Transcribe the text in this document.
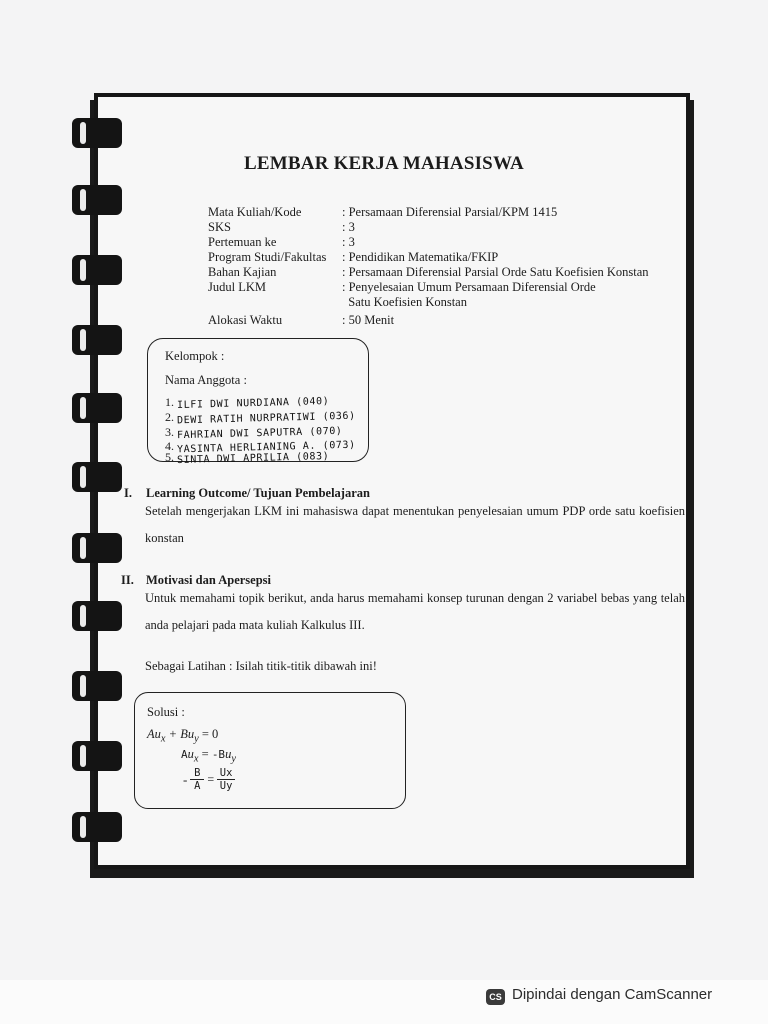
LEMBAR KERJA MAHASISWA
Mata Kuliah/Kode	: Persamaan Diferensial Parsial/KPM 1415
SKS	: 3
Pertemuan ke	: 3
Program Studi/Fakultas	: Pendidikan Matematika/FKIP
Bahan Kajian	: Persamaan Diferensial Parsial Orde Satu Koefisien Konstan
Judul LKM	: Penyelesaian Umum Persamaan Diferensial Orde
Satu Koefisien Konstan
Alokasi Waktu	: 50 Menit
Kelompok :
Nama Anggota :
1. ILFI DWI NURDIANA (040)
2. DEWI RATIH NURPRATIWI (036)
3. FAHRIAN DWI SAPUTRA (070)
4. YASINTA HERLIANING A. (073)
5. SINTA DWI APRILIA (083)
I. Learning Outcome/ Tujuan Pembelajaran
Setelah mengerjakan LKM ini mahasiswa dapat menentukan penyelesaian umum PDP orde satu koefisien konstan
II. Motivasi dan Apersepsi
Untuk memahami topik berikut, anda harus memahami konsep turunan dengan 2 variabel bebas yang telah anda pelajari pada mata kuliah Kalkulus III.
Sebagai Latihan : Isilah titik-titik dibawah ini!
Solusi :
$Au_x + Bu_y = 0$
$Au_x = -Bu_y$
- $\frac{B}{A} = \frac{Ux}{Uy}$
CS Dipindai dengan CamScanner
